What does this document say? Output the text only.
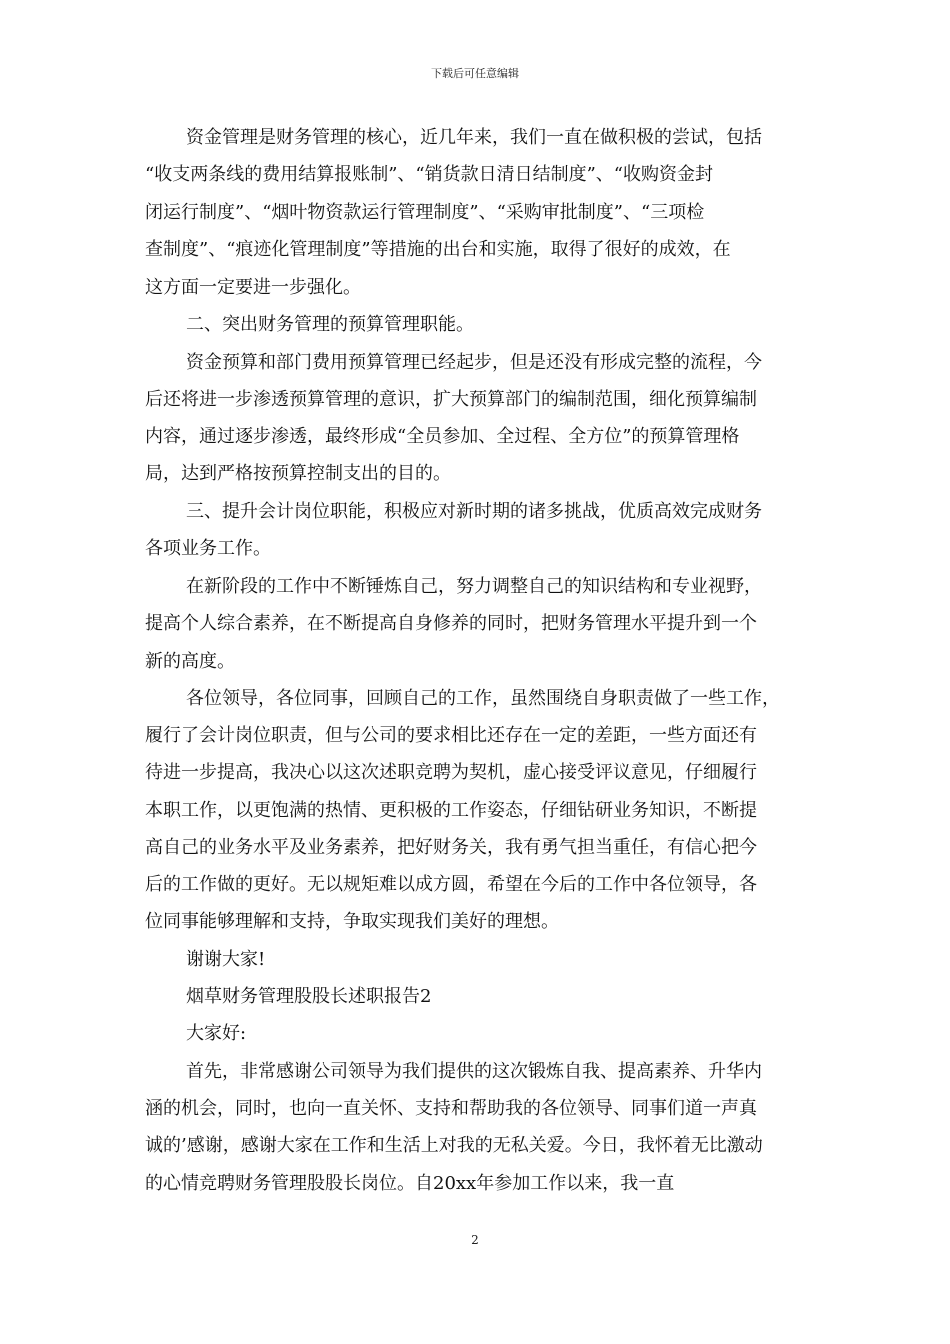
下载后可任意编辑
资金管理是财务管理的核心，近几年来，我们一直在做积极的尝试，包括
“收支两条线的费用结算报账制”、“销货款日清日结制度”、“收购资金封
闭运行制度”、“烟叶物资款运行管理制度”、“采购审批制度”、“三项检
查制度”、“痕迹化管理制度”等措施的出台和实施，取得了很好的成效，在
这方面一定要进一步强化。
二、突出财务管理的预算管理职能。
资金预算和部门费用预算管理已经起步，但是还没有形成完整的流程，今
后还将进一步渗透预算管理的意识，扩大预算部门的编制范围，细化预算编制
内容，通过逐步渗透，最终形成“全员参加、全过程、全方位”的预算管理格
局，达到严格按预算控制支出的目的。
三、提升会计岗位职能，积极应对新时期的诸多挑战，优质高效完成财务
各项业务工作。
在新阶段的工作中不断锤炼自己，努力调整自己的知识结构和专业视野，
提高个人综合素养，在不断提高自身修养的同时，把财务管理水平提升到一个
新的高度。
各位领导，各位同事，回顾自己的工作，虽然围绕自身职责做了一些工作，
履行了会计岗位职责，但与公司的要求相比还存在一定的差距，一些方面还有
待进一步提高，我决心以这次述职竞聘为契机，虚心接受评议意见，仔细履行
本职工作，以更饱满的热情、更积极的工作姿态，仔细钻研业务知识，不断提
高自己的业务水平及业务素养，把好财务关，我有勇气担当重任，有信心把今
后的工作做的更好。无以规矩难以成方圆，希望在今后的工作中各位领导，各
位同事能够理解和支持，争取实现我们美好的理想。
谢谢大家!
烟草财务管理股股长述职报告2
大家好:
首先，非常感谢公司领导为我们提供的这次锻炼自我、提高素养、升华内
涵的机会，同时，也向一直关怀、支持和帮助我的各位领导、同事们道一声真
诚的’感谢，感谢大家在工作和生活上对我的无私关爱。今日，我怀着无比激动
的心情竞聘财务管理股股长岗位。自20xx年参加工作以来，我一直
2
